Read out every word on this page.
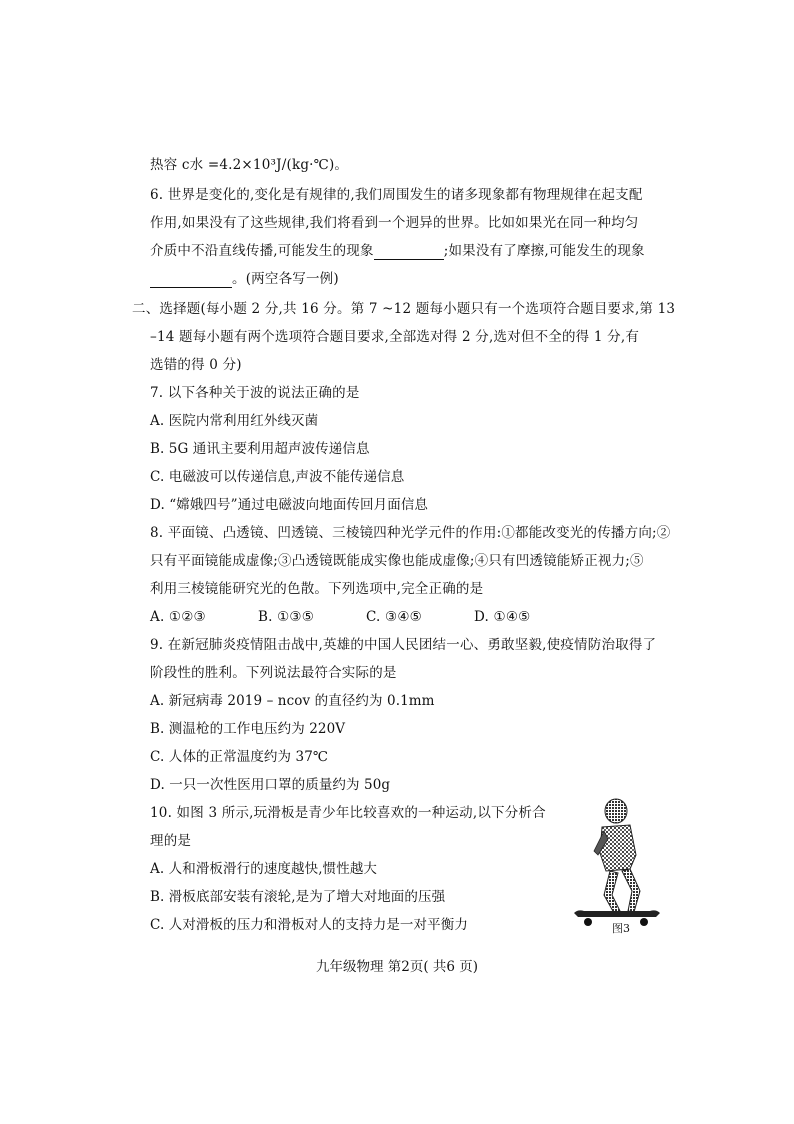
热容 c水 =4.2×10³J/(kg·℃)。
6. 世界是变化的,变化是有规律的,我们周围发生的诸多现象都有物理规律在起支配
作用,如果没有了这些规律,我们将看到一个迥异的世界。比如如果光在同一种均匀
介质中不沿直线传播,可能发生的现象	;如果没有了摩擦,可能发生的现象
。(两空各写一例)
二、选择题(每小题 2 分,共 16 分。第 7 ~12 题每小题只有一个选项符合题目要求,第 13
–14 题每小题有两个选项符合题目要求,全部选对得 2 分,选对但不全的得 1 分,有
选错的得 0 分)
7. 以下各种关于波的说法正确的是
A. 医院内常利用红外线灭菌
B. 5G 通讯主要利用超声波传递信息
C. 电磁波可以传递信息,声波不能传递信息
D. “嫦娥四号”通过电磁波向地面传回月面信息
8. 平面镜、凸透镜、凹透镜、三棱镜四种光学元件的作用:①都能改变光的传播方向;②
只有平面镜能成虚像;③凸透镜既能成实像也能成虚像;④只有凹透镜能矫正视力;⑤
利用三棱镜能研究光的色散。下列选项中,完全正确的是
A. ①②③	B. ①③⑤	C. ③④⑤	D. ①④⑤
9. 在新冠肺炎疫情阻击战中,英雄的中国人民团结一心、勇敢坚毅,使疫情防治取得了
阶段性的胜利。下列说法最符合实际的是
A. 新冠病毒 2019 – ncov 的直径约为 0.1mm
B. 测温枪的工作电压约为 220V
C. 人体的正常温度约为 37℃
D. 一只一次性医用口罩的质量约为 50g
10. 如图 3 所示,玩滑板是青少年比较喜欢的一种运动,以下分析合
理的是
A. 人和滑板滑行的速度越快,惯性越大
B. 滑板底部安装有滚轮,是为了增大对地面的压强
C. 人对滑板的压力和滑板对人的支持力是一对平衡力	图3
九年级物理 第2页( 共6 页)
